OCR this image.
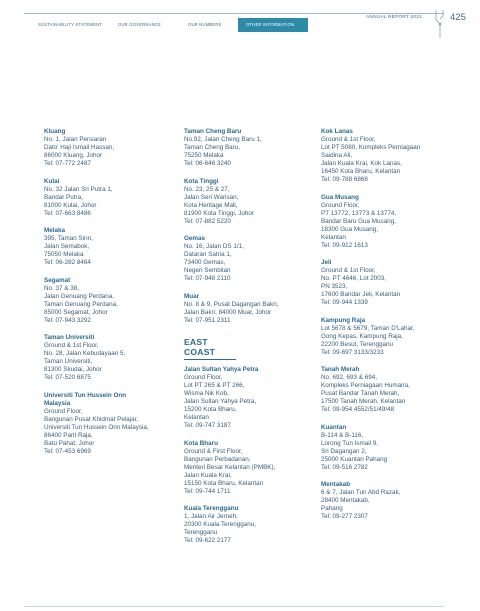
SUSTAINABILITY STATEMENT	OUR GOVERNANCE	OUR NUMBERS	OTHER INFORMATION
ANNUAL REPORT 2021	425
Kluang
No. 1, Jalan Persiaran
Dato' Haji Ismail Hassan,
86000 Kluang, Johor
Tel: 07-772 2487
Kulai
No. 32 Jalan Sri Putra 1,
Bandar Putra,
81000 Kulai, Johor
Tel: 07-663 8486
Melaka
395, Taman Sinn,
Jalan Semabok,
75050 Melaka
Tel: 06-282 8464
Segamat
No. 37 & 38,
Jalan Genuang Perdana,
Taman Genuang Perdana,
85000 Segamat, Johor
Tel: 07-943 3292
Taman Universiti
Ground & 1st Floor,
No. 28, Jalan Kebudayaan 5,
Taman Universiti,
81300 Skudai, Johor
Tel: 07-520 6875
Universiti Tun Hussein Onn Malaysia
Ground Floor,
Bangunan Pusat Khidmat Pelajar,
Universiti Tun Hussein Onn Malaysia,
86400 Parit Raja,
Batu Pahat, Johor
Tel: 07-453 6969
Taman Cheng Baru
No.92, Jalan Cheng Baru 1,
Taman Cheng Baru,
75250 Melaka
Tel: 06-646 3240
Kota Tinggi
No. 23, 25 & 27,
Jalan Seri Warisan,
Kota Heritage Mall,
81900 Kota Tinggi, Johor
Tel: 07-882 5220
Gemas
No. 16, Jalan DS 1/1,
Dataran Satria 1,
73400 Gemas,
Negeri Sembilan
Tel: 07-948 2110
Muar
No. 8 & 9, Pusat Dagangan Bakri,
Jalan Bakri, 84000 Muar, Johor
Tel: 07-951 2311
EAST COAST
Jalan Sultan Yahya Petra
Ground Floor,
Lot PT 265 & PT 266,
Wisma Nik Kob,
Jalan Sultan Yahya Petra,
15200 Kota Bharu,
Kelantan
Tel: 09-747 3187
Kota Bharu
Ground & First Floor,
Bangunan Perbadanan,
Menteri Besar Kelantan (PMBK),
Jalan Kuala Krai,
15150 Kota Bharu, Kelantan
Tel: 09-744 1711
Kuala Terengganu
1, Jalan Air Jerneh,
20300 Kuala Terengganu,
Terengganu
Tel: 09-622 2177
Kok Lanas
Ground & 1st Floor,
Lot PT 5080, Kompleks Perniagaan
Saidina Ali,
Jalan Kuala Krai, Kok Lanas,
16450 Kota Bharu, Kelantan
Tel: 09-788 6868
Gua Musang
Ground Floor,
PT 13772, 13773 & 13774,
Bandar Baru Gua Musang,
18300 Gua Musang,
Kelantan
Tel: 09-912 1613
Jeli
Ground & 1st Floor,
No. PT 4646, Lot 2003,
PN 3523,
17600 Bandar Jeli, Kelantan
Tel: 09-944 1339
Kampung Raja
Lot 5678 & 5679, Taman D'Lahar,
Gong Kepas, Kampung Raja,
22200 Besut, Terengganu
Tel: 09-697 3133/3233
Tanah Merah
No. 692, 693 & 694,
Kompleks Perniagaan Humaira,
Pusat Bandar Tanah Merah,
17500 Tanah Merah, Kelantan
Tel: 09-954 4552/51/49/48
Kuantan
B-114 & B-116,
Lorong Tun Ismail 9,
Sri Dagangan 2,
25000 Kuantan Pahang
Tel: 09-516 2782
Mentakab
6 & 7, Jalan Tun Abd Razak,
28400 Mentakab,
Pahang
Tel: 09-277 2307
